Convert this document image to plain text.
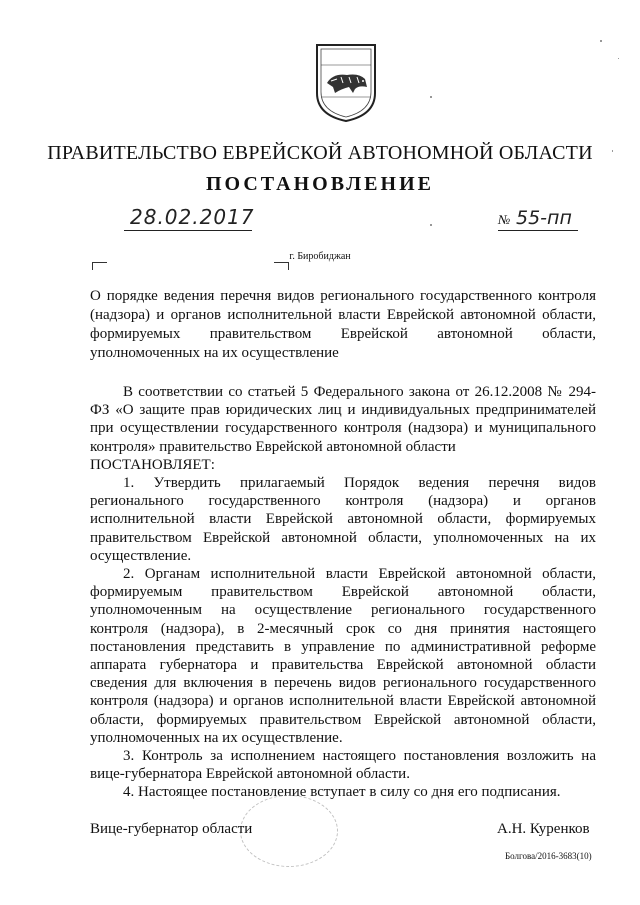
ПРАВИТЕЛЬСТВО ЕВРЕЙСКОЙ АВТОНОМНОЙ ОБЛАСТИ
ПОСТАНОВЛЕНИЕ
28.02.2017	№ 55-пп
г. Биробиджан
О порядке ведения перечня видов регионального государственного контроля (надзора) и органов исполнительной власти Еврейской автономной области, формируемых правительством Еврейской автономной области, уполномоченных на их осуществление

В соответствии со статьей 5 Федерального закона от 26.12.2008 № 294-ФЗ «О защите прав юридических лиц и индивидуальных предпринимателей при осуществлении государственного контроля (надзора) и муниципального контроля» правительство Еврейской автономной области

ПОСТАНОВЛЯЕТ:

1. Утвердить прилагаемый Порядок ведения перечня видов регионального государственного контроля (надзора) и органов исполнительной власти Еврейской автономной области, формируемых правительством Еврейской автономной области, уполномоченных на их осуществление.

2. Органам исполнительной власти Еврейской автономной области, формируемым правительством Еврейской автономной области, уполномоченным на осуществление регионального государственного контроля (надзора), в 2-месячный срок со дня принятия настоящего постановления представить в управление по административной реформе аппарата губернатора и правительства Еврейской автономной области сведения для включения в перечень видов регионального государственного контроля (надзора) и органов исполнительной власти Еврейской автономной области, формируемых правительством Еврейской автономной области, уполномоченных на их осуществление.

3. Контроль за исполнением настоящего постановления возложить на вице-губернатора Еврейской автономной области.

4. Настоящее постановление вступает в силу со дня его подписания.

Вице-губернатор области	А.Н. Куренков
Болгова/2016-3683(10)
